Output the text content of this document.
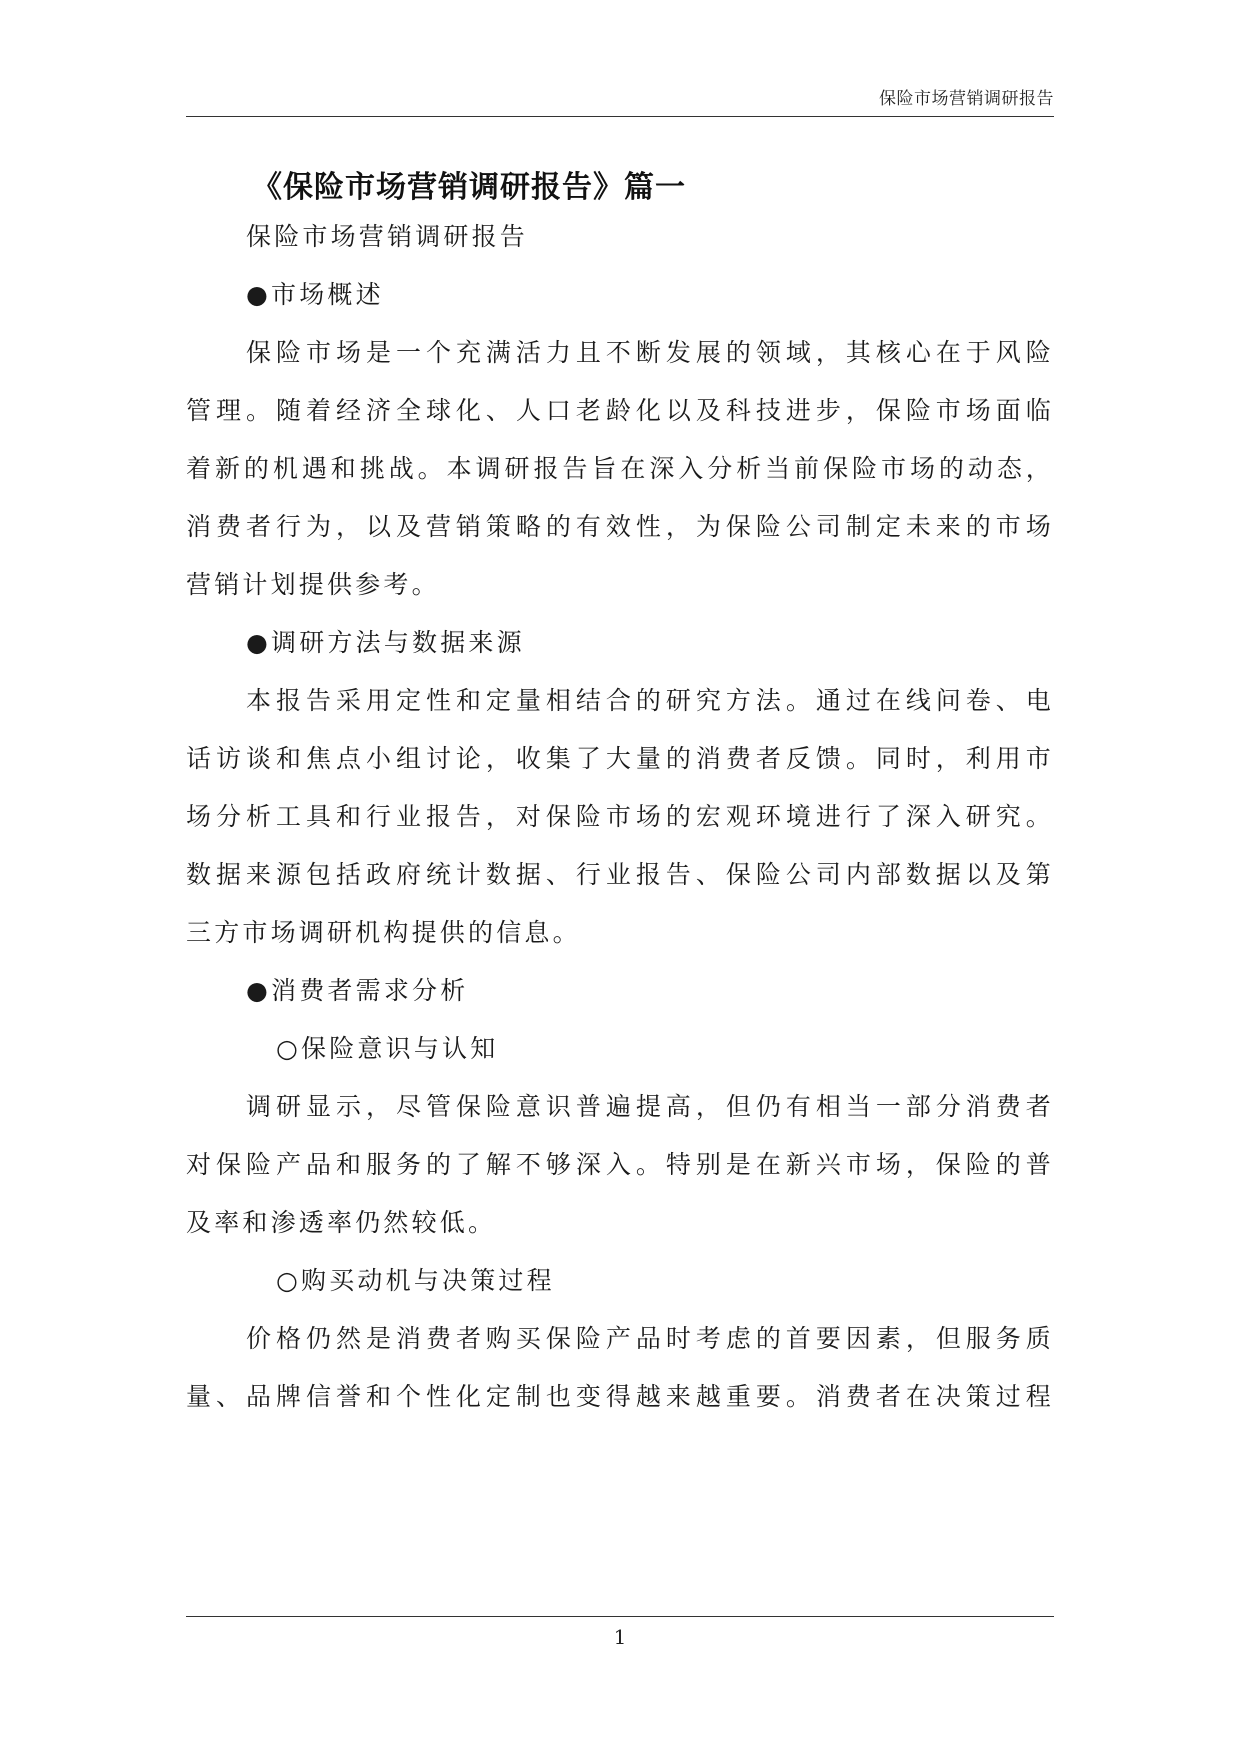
保险市场营销调研报告
《保险市场营销调研报告》篇一
保险市场营销调研报告
●市场概述
保险市场是一个充满活力且不断发展的领域，其核心在于风险
管理。随着经济全球化、人口老龄化以及科技进步，保险市场面临
着新的机遇和挑战。本调研报告旨在深入分析当前保险市场的动态，
消费者行为，以及营销策略的有效性，为保险公司制定未来的市场
营销计划提供参考。
●调研方法与数据来源
本报告采用定性和定量相结合的研究方法。通过在线问卷、电
话访谈和焦点小组讨论，收集了大量的消费者反馈。同时，利用市
场分析工具和行业报告，对保险市场的宏观环境进行了深入研究。
数据来源包括政府统计数据、行业报告、保险公司内部数据以及第
三方市场调研机构提供的信息。
●消费者需求分析
○保险意识与认知
调研显示，尽管保险意识普遍提高，但仍有相当一部分消费者
对保险产品和服务的了解不够深入。特别是在新兴市场，保险的普
及率和渗透率仍然较低。
○购买动机与决策过程
价格仍然是消费者购买保险产品时考虑的首要因素，但服务质
量、品牌信誉和个性化定制也变得越来越重要。消费者在决策过程
1
